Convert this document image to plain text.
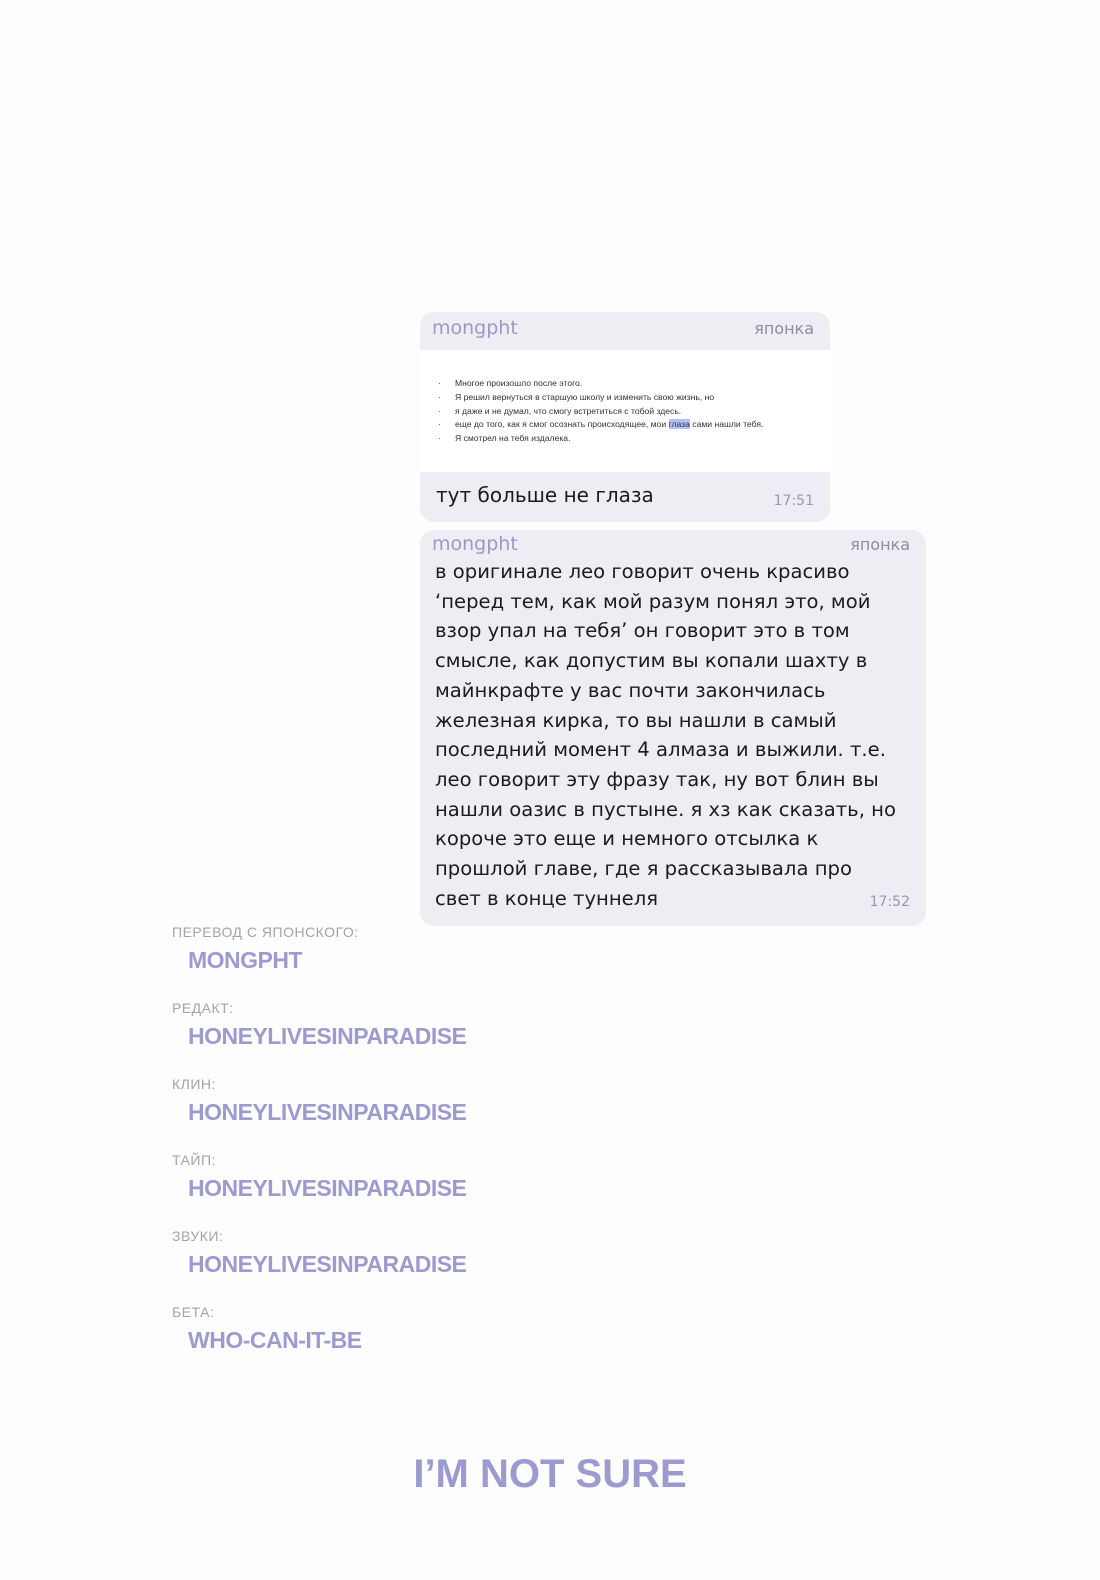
mongpht	японка
· Многое произошло после этого.
· Я решил вернуться в старшую школу и изменить свою жизнь, но
· я даже и не думал, что смогу встретиться с тобой здесь.
· еще до того, как я смог осознать происходящее, мои глаза сами нашли тебя.
· Я смотрел на тебя издалека.
тут больше не глаза	17:51
mongpht	японка
в оригинале лео говорит очень красиво
‘перед тем, как мой разум понял это, мой
взор упал на тебя’ он говорит это в том
смысле, как допустим вы копали шахту в
майнкрафте у вас почти закончилась
железная кирка, то вы нашли в самый
последний момент 4 алмаза и выжили. т.е.
лео говорит эту фразу так, ну вот блин вы
нашли оазис в пустыне. я хз как сказать, но
короче это еще и немного отсылка к
прошлой главе, где я рассказывала про
свет в конце туннеля	17:52
ПЕРЕВОД С ЯПОНСКОГО:
MONGPHT
РЕДАКТ:
HONEYLIVESINPARADISE
КЛИН:
HONEYLIVESINPARADISE
ТАЙП:
HONEYLIVESINPARADISE
ЗВУКИ:
HONEYLIVESINPARADISE
БЕТА:
WHO-CAN-IT-BE
I’M NOT SURE
